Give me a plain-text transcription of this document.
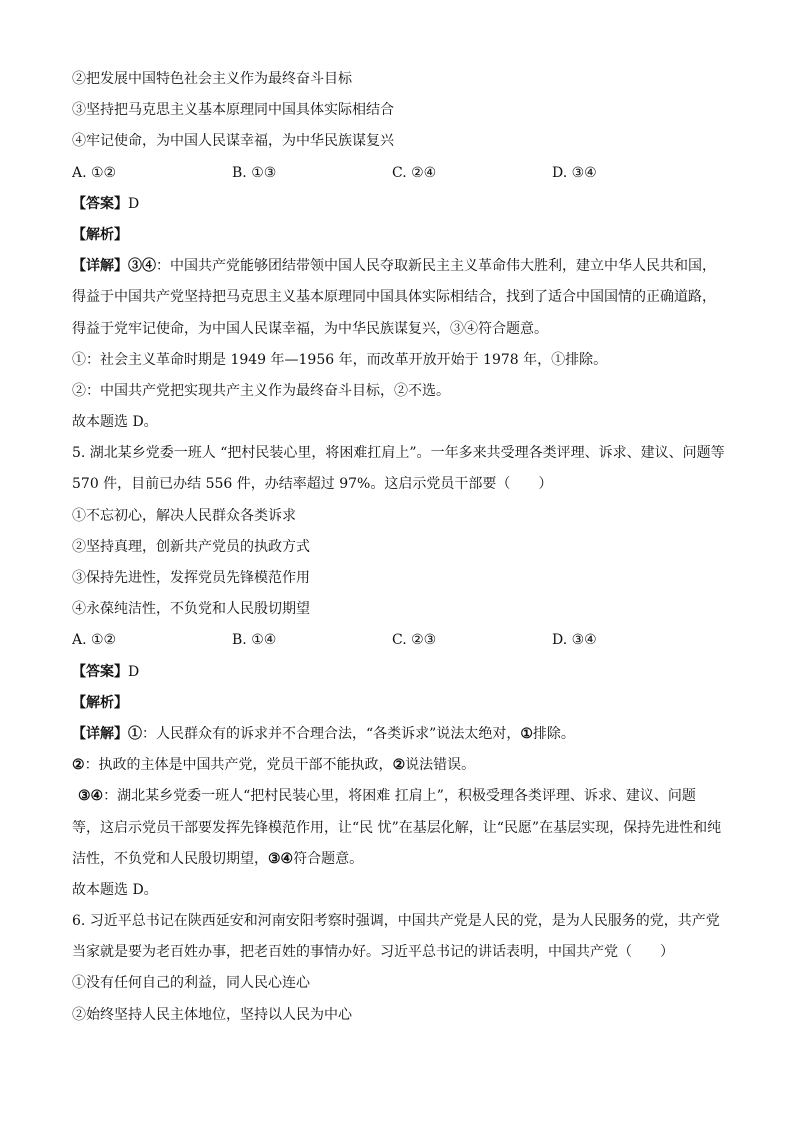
②把发展中国特色社会主义作为最终奋斗目标
③坚持把马克思主义基本原理同中国具体实际相结合
④牢记使命，为中国人民谋幸福，为中华民族谋复兴
A. ①②	B. ①③	C. ②④	D. ③④
【答案】D
【解析】
【详解】③④：中国共产党能够团结带领中国人民夺取新民主主义革命伟大胜利，建立中华人民共和国，
得益于中国共产党坚持把马克思主义基本原理同中国具体实际相结合，找到了适合中国国情的正确道路，
得益于党牢记使命，为中国人民谋幸福，为中华民族谋复兴，③④符合题意。
①：社会主义革命时期是 1949 年—1956 年，而改革开放开始于 1978 年，①排除。
②：中国共产党把实现共产主义作为最终奋斗目标，②不选。
故本题选 D。
5. 湖北某乡党委一班人 “把村民装心里，将困难扛肩上”。一年多来共受理各类评理、诉求、建议、问题等
570 件，目前已办结 556 件，办结率超过 97%。这启示党员干部要（　　）
①不忘初心，解决人民群众各类诉求
②坚持真理，创新共产党员的执政方式
③保持先进性，发挥党员先锋模范作用
④永葆纯洁性，不负党和人民殷切期望
A. ①②	B. ①④	C. ②③	D. ③④
【答案】D
【解析】
【详解】①：人民群众有的诉求并不合理合法，“各类诉求”说法太绝对，①排除。
②：执政的主体是中国共产党，党员干部不能执政，②说法错误。
③④：湖北某乡党委一班人“把村民装心里，将困难 扛肩上”，积极受理各类评理、诉求、建议、问题
等，这启示党员干部要发挥先锋模范作用，让“民 忧”在基层化解，让“民愿”在基层实现，保持先进性和纯
洁性，不负党和人民殷切期望，③④符合题意。
故本题选 D。
6. 习近平总书记在陕西延安和河南安阳考察时强调，中国共产党是人民的党，是为人民服务的党，共产党
当家就是要为老百姓办事，把老百姓的事情办好。习近平总书记的讲话表明，中国共产党（　　）
①没有任何自己的利益，同人民心连心
②始终坚持人民主体地位，坚持以人民为中心
